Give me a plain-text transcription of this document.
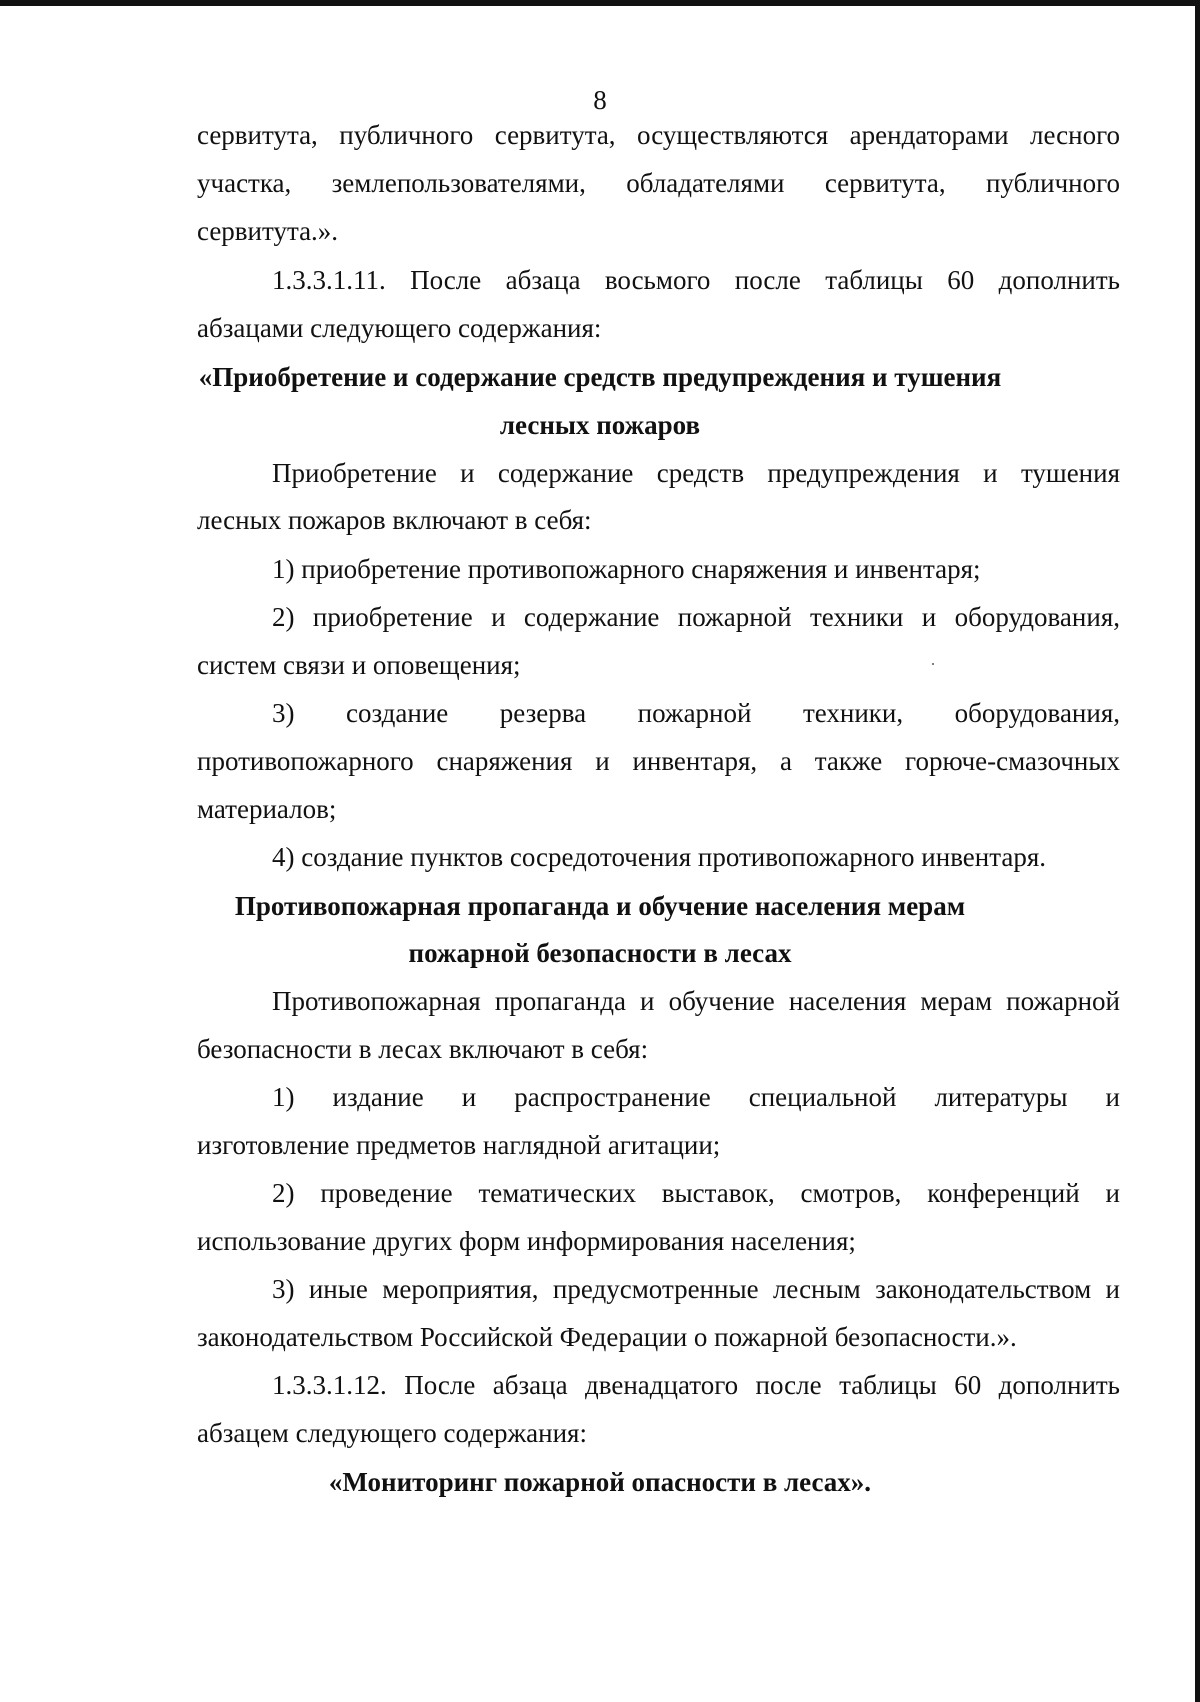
8
сервитута, публичного сервитута, осуществляются арендаторами лесного
участка, землепользователями, обладателями сервитута, публичного
сервитута.».
1.3.3.1.11. После абзаца восьмого после таблицы 60 дополнить
абзацами следующего содержания:
«Приобретение и содержание средств предупреждения и тушения
лесных пожаров
Приобретение и содержание средств предупреждения и тушения
лесных пожаров включают в себя:
1) приобретение противопожарного снаряжения и инвентаря;
2) приобретение и содержание пожарной техники и оборудования,
систем связи и оповещения;
3) создание резерва пожарной техники, оборудования,
противопожарного снаряжения и инвентаря, а также горюче-смазочных
материалов;
4) создание пунктов сосредоточения противопожарного инвентаря.
Противопожарная пропаганда и обучение населения мерам
пожарной безопасности в лесах
Противопожарная пропаганда и обучение населения мерам пожарной
безопасности в лесах включают в себя:
1) издание и распространение специальной литературы и
изготовление предметов наглядной агитации;
2) проведение тематических выставок, смотров, конференций и
использование других форм информирования населения;
3) иные мероприятия, предусмотренные лесным законодательством и
законодательством Российской Федерации о пожарной безопасности.».
1.3.3.1.12. После абзаца двенадцатого после таблицы 60 дополнить
абзацем следующего содержания:
«Мониторинг пожарной опасности в лесах».
